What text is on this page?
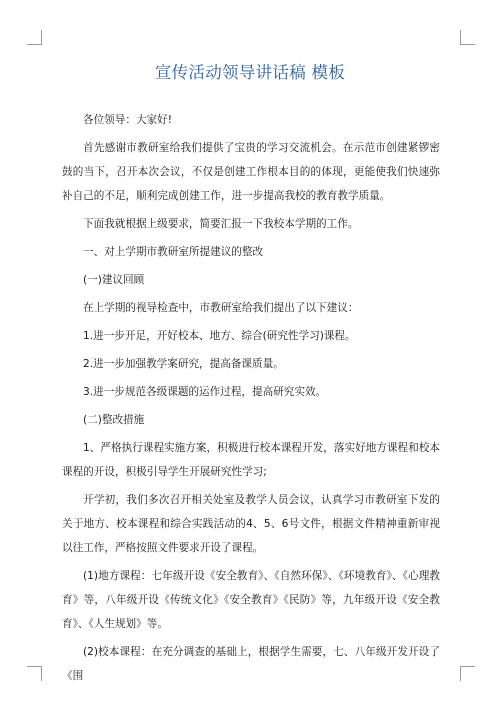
宣传活动领导讲话稿 模板

各位领导：大家好!

首先感谢市教研室给我们提供了宝贵的学习交流机会。在示范市创建紧锣密鼓的当下，召开本次会议，不仅是创建工作根本目的的体现，更能使我们快速弥补自己的不足，顺利完成创建工作，进一步提高我校的教育教学质量。

下面我就根据上级要求，简要汇报一下我校本学期的工作。

一、对上学期市教研室所提建议的整改

(一)建议回顾

在上学期的视导检查中，市教研室给我们提出了以下建议：

1.进一步开足，开好校本、地方、综合(研究性学习)课程。

2.进一步加强教学案研究，提高备课质量。

3.进一步规范各级课题的运作过程，提高研究实效。

(二)整改措施

1、严格执行课程实施方案，积极进行校本课程开发，落实好地方课程和校本课程的开设，积极引导学生开展研究性学习;

开学初，我们多次召开相关处室及教学人员会议，认真学习市教研室下发的关于地方、校本课程和综合实践活动的4、5、6号文件，根据文件精神重新审视以往工作，严格按照文件要求开设了课程。

(1)地方课程：七年级开设《安全教育》、《自然环保》、《环境教育》、《心理教育》等，八年级开设《传统文化》《安全教育》《民防》等，九年级开设《安全教育》、《人生规划》等。

(2)校本课程：在充分调查的基础上，根据学生需要，七、八年级开发开设了《围
